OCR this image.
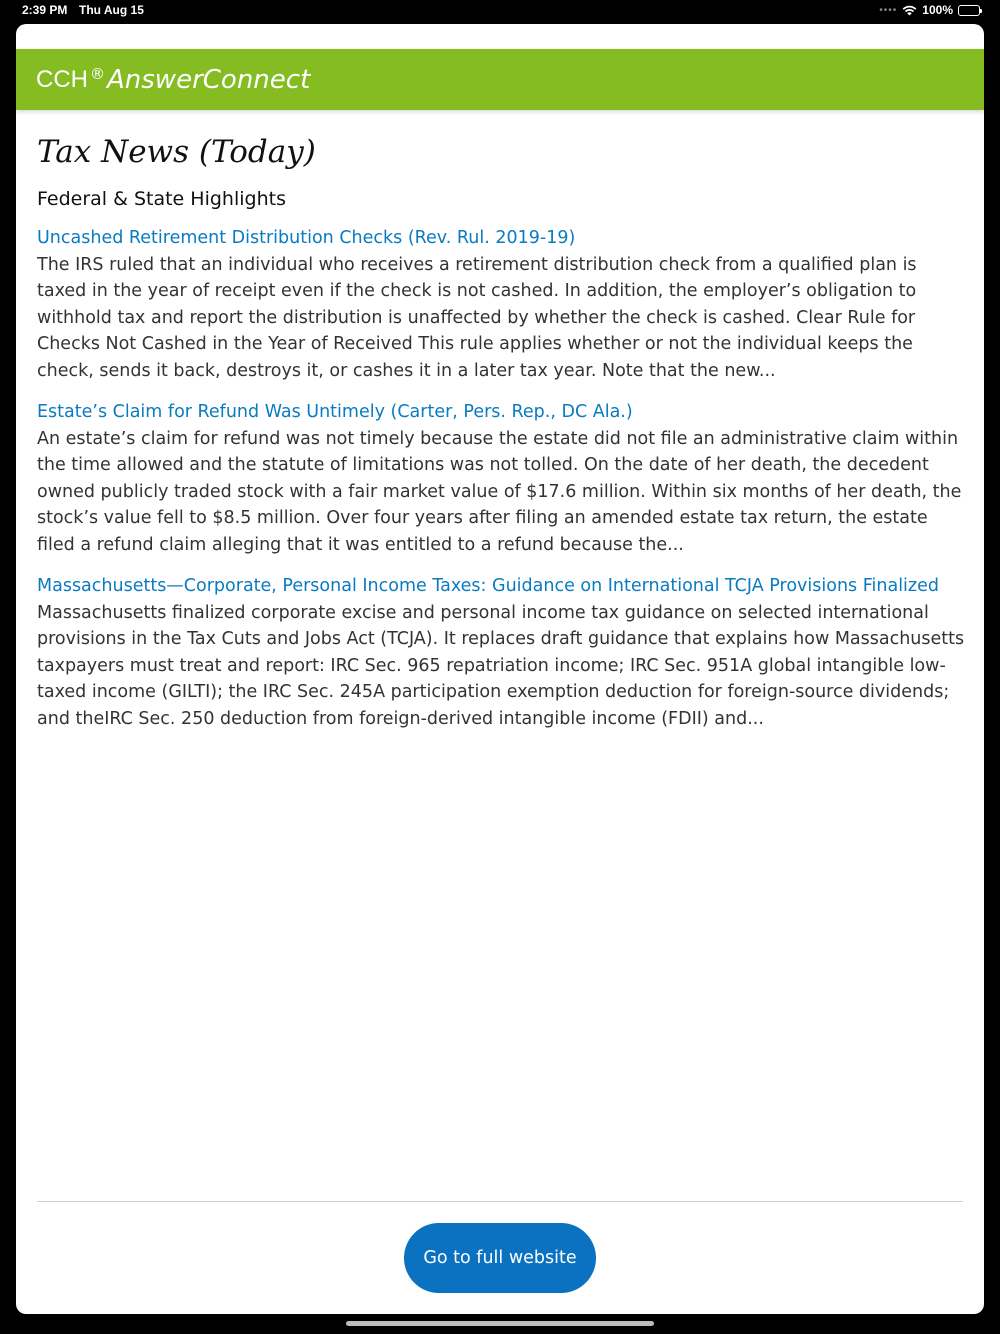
2:39 PM Thu Aug 15	•••• 100%
CCH ® AnswerConnect
Tax News (Today)
Federal & State Highlights
Uncashed Retirement Distribution Checks (Rev. Rul. 2019-19)

The IRS ruled that an individual who receives a retirement distribution check from a qualified plan is taxed in the year of receipt even if the check is not cashed. In addition, the employer’s obligation to withhold tax and report the distribution is unaffected by whether the check is cashed. Clear Rule for Checks Not Cashed in the Year of Received This rule applies whether or not the individual keeps the check, sends it back, destroys it, or cashes it in a later tax year. Note that the new...

Estate’s Claim for Refund Was Untimely (Carter, Pers. Rep., DC Ala.)

An estate’s claim for refund was not timely because the estate did not file an administrative claim within the time allowed and the statute of limitations was not tolled. On the date of her death, the decedent owned publicly traded stock with a fair market value of $17.6 million. Within six months of her death, the stock’s value fell to $8.5 million. Over four years after filing an amended estate tax return, the estate filed a refund claim alleging that it was entitled to a refund because the...

Massachusetts—Corporate, Personal Income Taxes: Guidance on International TCJA Provisions Finalized

Massachusetts finalized corporate excise and personal income tax guidance on selected international provisions in the Tax Cuts and Jobs Act (TCJA). It replaces draft guidance that explains how Massachusetts taxpayers must treat and report: IRC Sec. 965 repatriation income; IRC Sec. 951A global intangible low-taxed income (GILTI); the IRC Sec. 245A participation exemption deduction for foreign-source dividends; and theIRC Sec. 250 deduction from foreign-derived intangible income (FDII) and...

Go to full website
